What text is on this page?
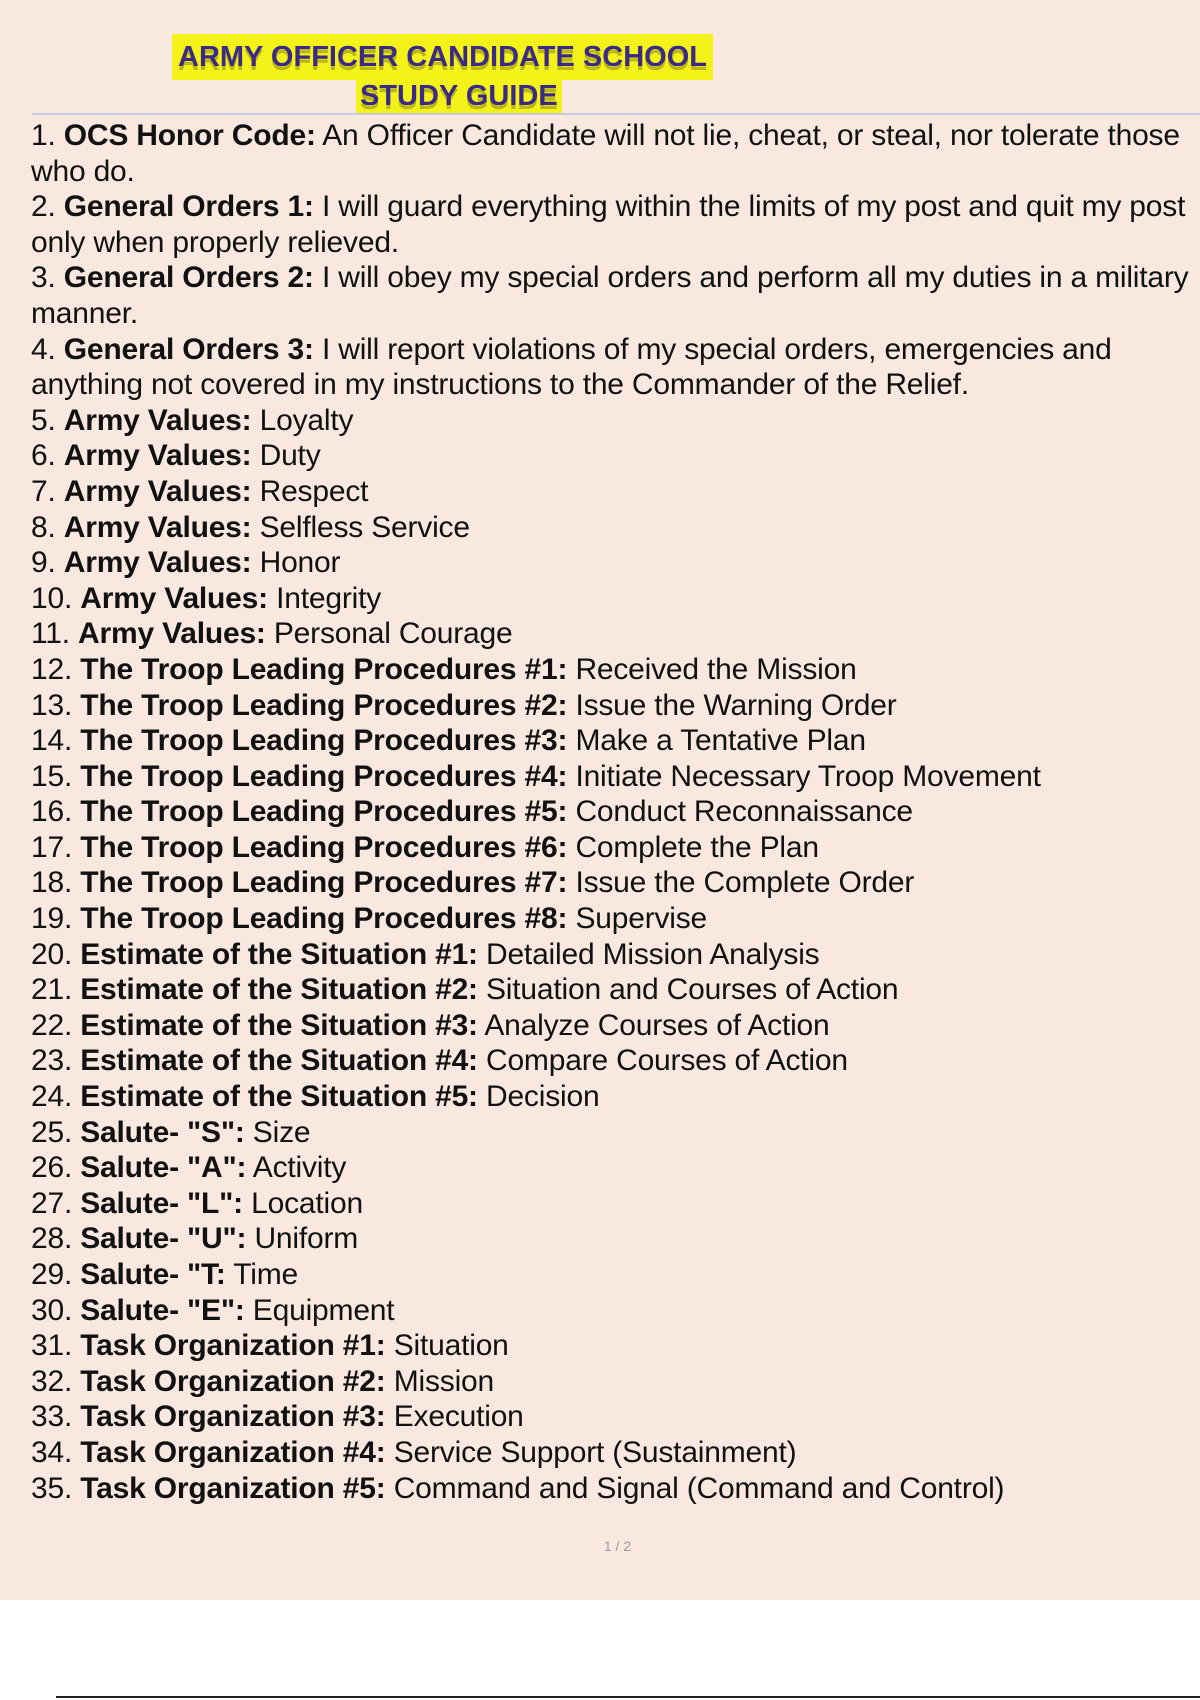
ARMY OFFICER CANDIDATE SCHOOL
STUDY GUIDE
1. OCS Honor Code: An Officer Candidate will not lie, cheat, or steal, nor tolerate those who do.
2. General Orders 1: I will guard everything within the limits of my post and quit my post only when properly relieved.
3. General Orders 2: I will obey my special orders and perform all my duties in a military manner.
4. General Orders 3: I will report violations of my special orders, emergencies and anything not covered in my instructions to the Commander of the Relief.
5. Army Values: Loyalty
6. Army Values: Duty
7. Army Values: Respect
8. Army Values: Selfless Service
9. Army Values: Honor
10. Army Values: Integrity
11. Army Values: Personal Courage
12. The Troop Leading Procedures #1: Received the Mission
13. The Troop Leading Procedures #2: Issue the Warning Order
14. The Troop Leading Procedures #3: Make a Tentative Plan
15. The Troop Leading Procedures #4: Initiate Necessary Troop Movement
16. The Troop Leading Procedures #5: Conduct Reconnaissance
17. The Troop Leading Procedures #6: Complete the Plan
18. The Troop Leading Procedures #7: Issue the Complete Order
19. The Troop Leading Procedures #8: Supervise
20. Estimate of the Situation #1: Detailed Mission Analysis
21. Estimate of the Situation #2: Situation and Courses of Action
22. Estimate of the Situation #3: Analyze Courses of Action
23. Estimate of the Situation #4: Compare Courses of Action
24. Estimate of the Situation #5: Decision
25. Salute- "S": Size
26. Salute- "A": Activity
27. Salute- "L": Location
28. Salute- "U": Uniform
29. Salute- "T: Time
30. Salute- "E": Equipment
31. Task Organization #1: Situation
32. Task Organization #2: Mission
33. Task Organization #3: Execution
34. Task Organization #4: Service Support (Sustainment)
35. Task Organization #5: Command and Signal (Command and Control)
1 / 2
